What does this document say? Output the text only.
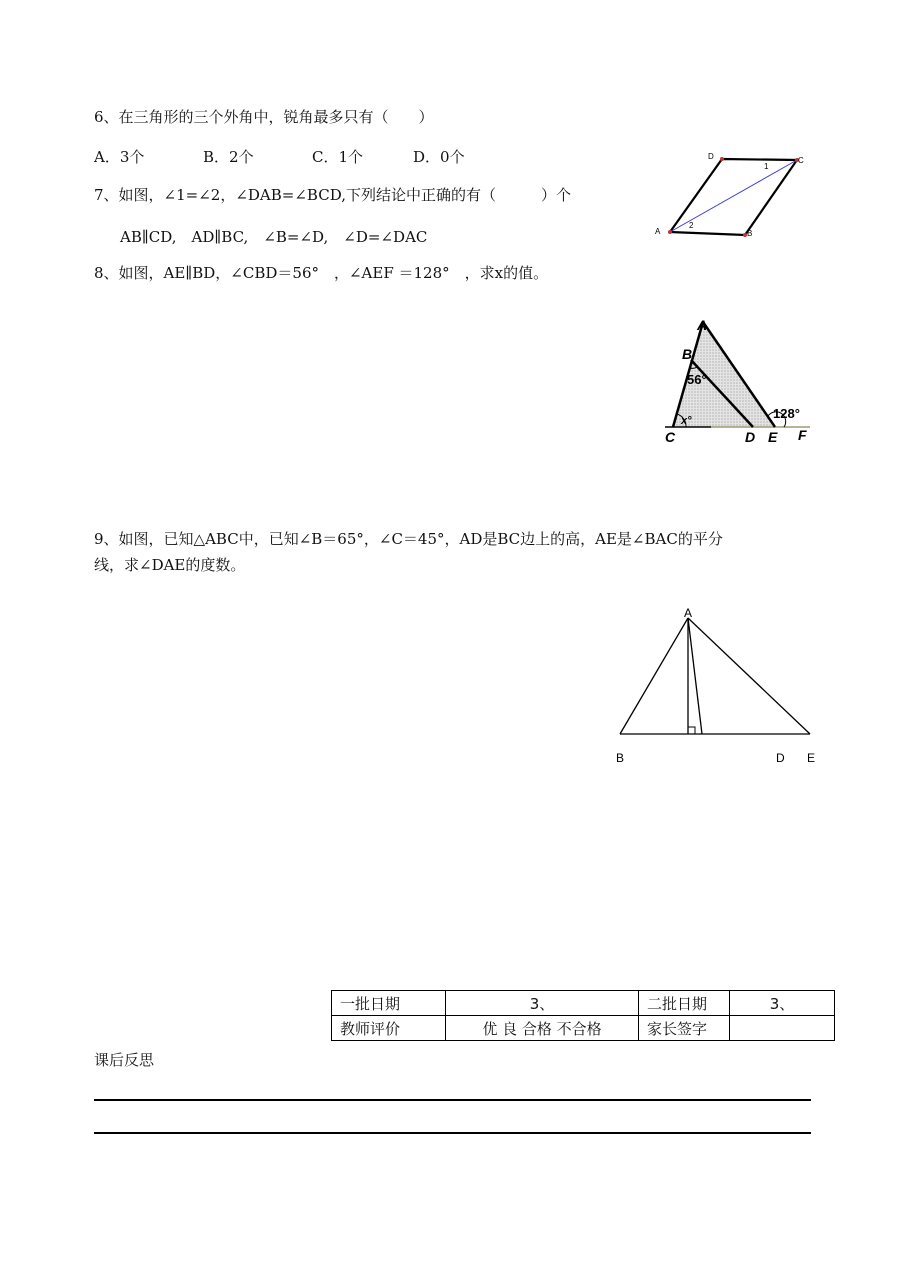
6、在三角形的三个外角中，锐角最多只有（　　）
A．3个	B．2个	C．1个	D．0个
7、如图，∠1=∠2，∠DAB=∠BCD,下列结论中正确的有（　　　）个
AB∥CD,　AD∥BC,　∠B=∠D,　∠D=∠DAC	A	B
C
D
1
2
8、如图，AE∥BD，∠CBD＝56°　，∠AEF ＝128°　，求x的值。
A
B
C	D E F
56°
128°
x°
9、如图，已知△ABC中，已知∠B＝65°，∠C＝45°，AD是BC边上的高，AE是∠BAC的平分
线，求∠DAE的度数。
A
B	D E
一批日期	3、	二批日期	3、
教师评价	优 良 合格 不合格	家长签字	
课后反思
